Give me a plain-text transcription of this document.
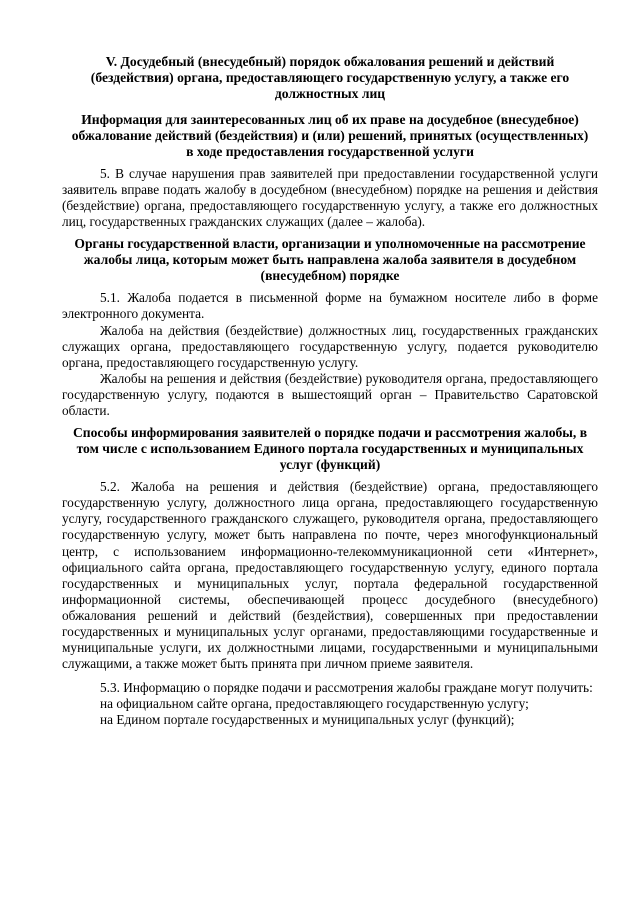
V. Досудебный (внесудебный) порядок обжалования решений и действий (бездействия) органа, предоставляющего государственную услугу, а также его должностных лиц
Информация для заинтересованных лиц об их праве на досудебное (внесудебное) обжалование действий (бездействия) и (или) решений, принятых (осуществленных) в ходе предоставления государственной услуги

5. В случае нарушения прав заявителей при предоставлении государственной услуги заявитель вправе подать жалобу в досудебном (внесудебном) порядке на решения и действия (бездействие) органа, предоставляющего государственную услугу, а также его должностных лиц, государственных гражданских служащих (далее – жалоба).

Органы государственной власти, организации и уполномоченные на рассмотрение жалобы лица, которым может быть направлена жалоба заявителя в досудебном (внесудебном) порядке

5.1. Жалоба подается в письменной форме на бумажном носителе либо в форме электронного документа.

Жалоба на действия (бездействие) должностных лиц, государственных гражданских служащих органа, предоставляющего государственную услугу, подается руководителю органа, предоставляющего государственную услугу.

Жалобы на решения и действия (бездействие) руководителя органа, предоставляющего государственную услугу, подаются в вышестоящий орган – Правительство Саратовской области.

Способы информирования заявителей о порядке подачи и рассмотрения жалобы, в том числе с использованием Единого портала государственных и муниципальных услуг (функций)

5.2. Жалоба на решения и действия (бездействие) органа, предоставляющего государственную услугу, должностного лица органа, предоставляющего государственную услугу, государственного гражданского служащего, руководителя органа, предоставляющего государственную услугу, может быть направлена по почте, через многофункциональный центр, с использованием информационно-телекоммуникационной сети «Интернет», официального сайта органа, предоставляющего государственную услугу, единого портала государственных и муниципальных услуг, портала федеральной государственной информационной системы, обеспечивающей процесс досудебного (внесудебного) обжалования решений и действий (бездействия), совершенных при предоставлении государственных и муниципальных услуг органами, предоставляющими государственные и муниципальные услуги, их должностными лицами, государственными и муниципальными служащими, а также может быть принята при личном приеме заявителя.

5.3. Информацию о порядке подачи и рассмотрения жалобы граждане могут получить:

на официальном сайте органа, предоставляющего государственную услугу;

на Едином портале государственных и муниципальных услуг (функций);
